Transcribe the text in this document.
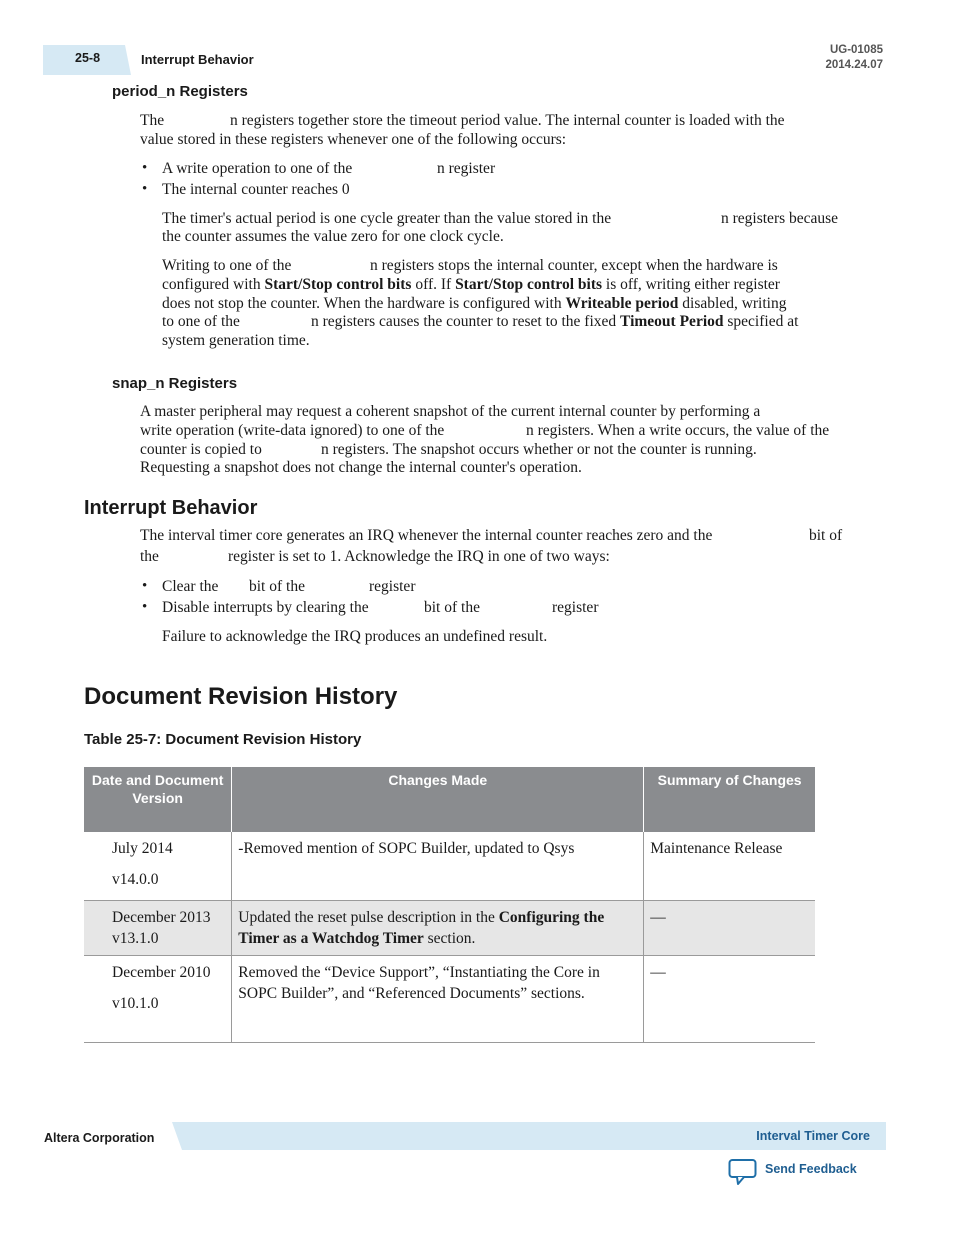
25-8	Interrupt Behavior
UG-01085
2014.24.07
period_n Registers
The	n registers together store the timeout period value. The internal counter is loaded with the
value stored in these registers whenever one of the following occurs:
• A write operation to one of the	n register
• The internal counter reaches 0
The timer's actual period is one cycle greater than the value stored in the	n registers because
the counter assumes the value zero for one clock cycle.
Writing to one of the	n registers stops the internal counter, except when the hardware is
configured with Start/Stop control bits off. If Start/Stop control bits is off, writing either register
does not stop the counter. When the hardware is configured with Writeable period disabled, writing
to one of the	n registers causes the counter to reset to the fixed Timeout Period specified at
system generation time.
snap_n Registers
A master peripheral may request a coherent snapshot of the current internal counter by performing a
write operation (write-data ignored) to one of the	n registers. When a write occurs, the value of the
counter is copied to	n registers. The snapshot occurs whether or not the counter is running.
Requesting a snapshot does not change the internal counter's operation.
Interrupt Behavior
The interval timer core generates an IRQ whenever the internal counter reaches zero and the	bit of
the	register is set to 1. Acknowledge the IRQ in one of two ways:
• Clear the bit of the	register
• Disable interrupts by clearing the	bit of the	register
Failure to acknowledge the IRQ produces an undefined result.
Document Revision History
Table 25-7: Document Revision History
Date and Document Version	Changes Made	Summary of Changes
July 2014
v14.0.0	-Removed mention of SOPC Builder, updated to Qsys	Maintenance Release
December 2013 v13.1.0	Updated the reset pulse description in the Configuring the Timer as a Watchdog Timer section.	—
December 2010
v10.1.0	Removed the “Device Support”, “Instantiating the Core in SOPC Builder”, and “Referenced Documents” sections.	—
Altera Corporation	Interval Timer Core
Send Feedback
